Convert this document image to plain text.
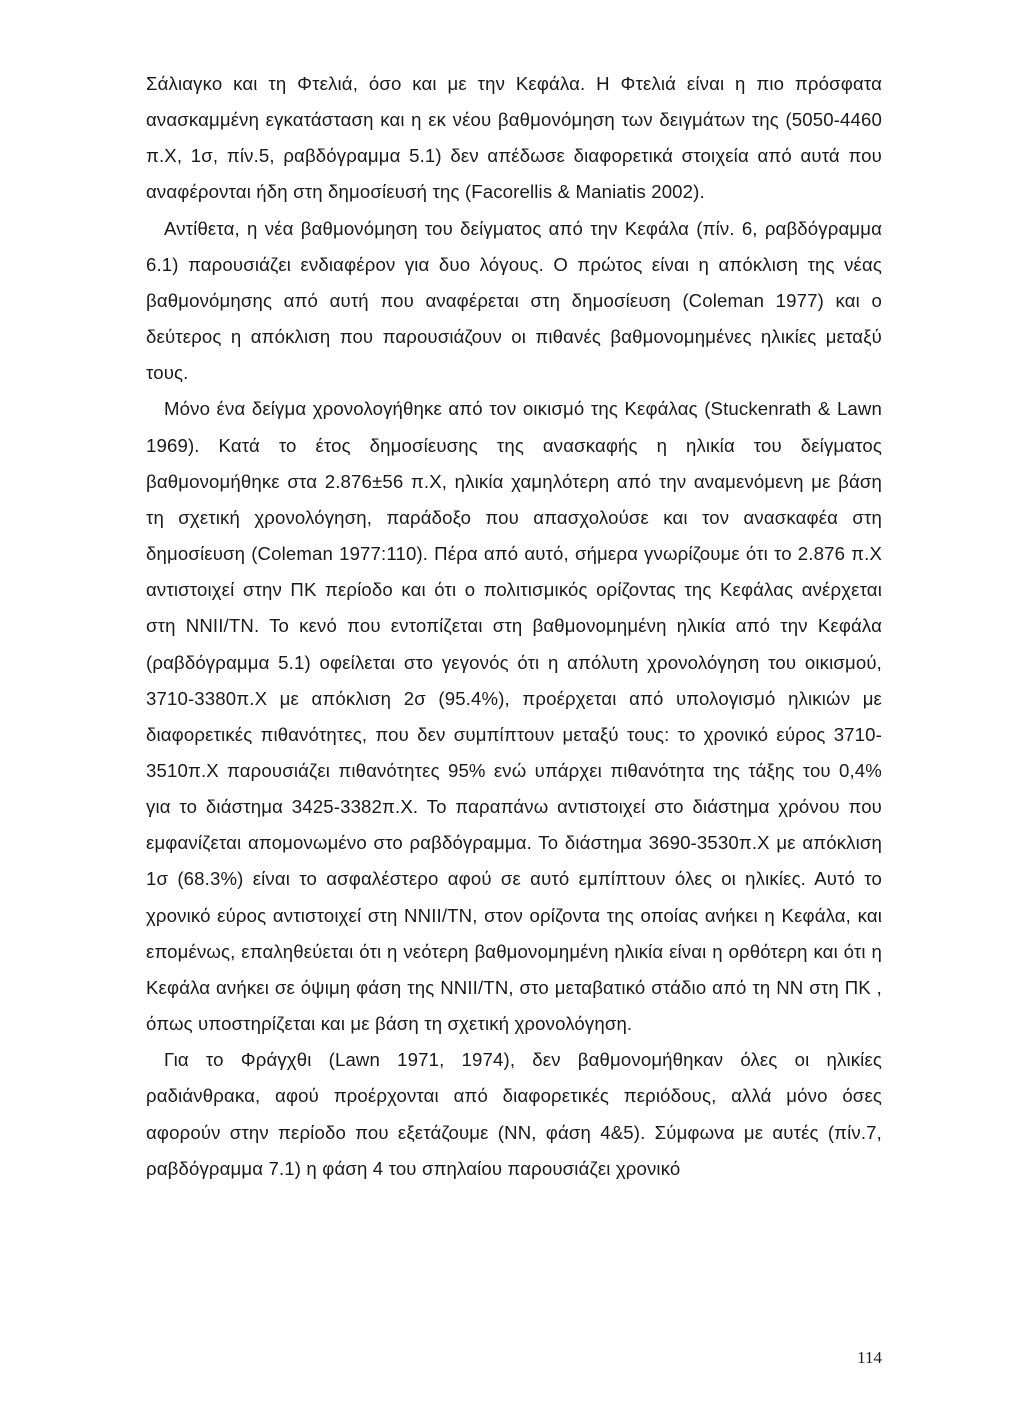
Σάλιαγκο και τη Φτελιά, όσο και με την Κεφάλα. Η Φτελιά είναι η πιο πρόσφατα ανασκαμμένη εγκατάσταση και η εκ νέου βαθμονόμηση των δειγμάτων της (5050-4460 π.Χ, 1σ, πίν.5, ραβδόγραμμα 5.1) δεν απέδωσε διαφορετικά στοιχεία από αυτά που αναφέρονται ήδη στη δημοσίευσή της (Facorellis & Maniatis 2002).

Αντίθετα, η νέα βαθμονόμηση του δείγματος από την Κεφάλα (πίν. 6, ραβδόγραμμα 6.1) παρουσιάζει ενδιαφέρον για δυο λόγους. Ο πρώτος είναι η απόκλιση της νέας βαθμονόμησης από αυτή που αναφέρεται στη δημοσίευση (Coleman 1977) και ο δεύτερος η απόκλιση που παρουσιάζουν οι πιθανές βαθμονομημένες ηλικίες μεταξύ τους.

Μόνο ένα δείγμα χρονολογήθηκε από τον οικισμό της Κεφάλας (Stuckenrath & Lawn 1969). Κατά το έτος δημοσίευσης της ανασκαφής η ηλικία του δείγματος βαθμονομήθηκε στα 2.876±56 π.Χ, ηλικία χαμηλότερη από την αναμενόμενη με βάση τη σχετική χρονολόγηση, παράδοξο που απασχολούσε και τον ανασκαφέα στη δημοσίευση (Coleman 1977:110). Πέρα από αυτό, σήμερα γνωρίζουμε ότι το 2.876 π.Χ αντιστοιχεί στην ΠΚ περίοδο και ότι ο πολιτισμικός ορίζοντας της Κεφάλας ανέρχεται στη ΝΝΙΙ/ΤΝ. Το κενό που εντοπίζεται στη βαθμονομημένη ηλικία από την Κεφάλα (ραβδόγραμμα 5.1) οφείλεται στο γεγονός ότι η απόλυτη χρονολόγηση του οικισμού, 3710-3380π.Χ με απόκλιση 2σ (95.4%), προέρχεται από υπολογισμό ηλικιών με διαφορετικές πιθανότητες, που δεν συμπίπτουν μεταξύ τους: το χρονικό εύρος 3710-3510π.Χ παρουσιάζει πιθανότητες 95% ενώ υπάρχει πιθανότητα της τάξης του 0,4% για το διάστημα 3425-3382π.Χ. Το παραπάνω αντιστοιχεί στο διάστημα χρόνου που εμφανίζεται απομονωμένο στο ραβδόγραμμα. Το διάστημα 3690-3530π.Χ με απόκλιση 1σ (68.3%) είναι το ασφαλέστερο αφού σε αυτό εμπίπτουν όλες οι ηλικίες. Αυτό το χρονικό εύρος αντιστοιχεί στη ΝΝΙΙ/ΤΝ, στον ορίζοντα της οποίας ανήκει η Κεφάλα, και επομένως, επαληθεύεται ότι η νεότερη βαθμονομημένη ηλικία είναι η ορθότερη και ότι η Κεφάλα ανήκει σε όψιμη φάση της ΝΝΙΙ/ΤΝ, στο μεταβατικό στάδιο από τη ΝΝ στη ΠΚ , όπως υποστηρίζεται και με βάση τη σχετική χρονολόγηση.

Για το Φράγχθι (Lawn 1971, 1974), δεν βαθμονομήθηκαν όλες οι ηλικίες ραδιάνθρακα, αφού προέρχονται από διαφορετικές περιόδους, αλλά μόνο όσες αφορούν στην περίοδο που εξετάζουμε (ΝΝ, φάση 4&5). Σύμφωνα με αυτές (πίν.7, ραβδόγραμμα 7.1) η φάση 4 του σπηλαίου παρουσιάζει χρονικό

114
